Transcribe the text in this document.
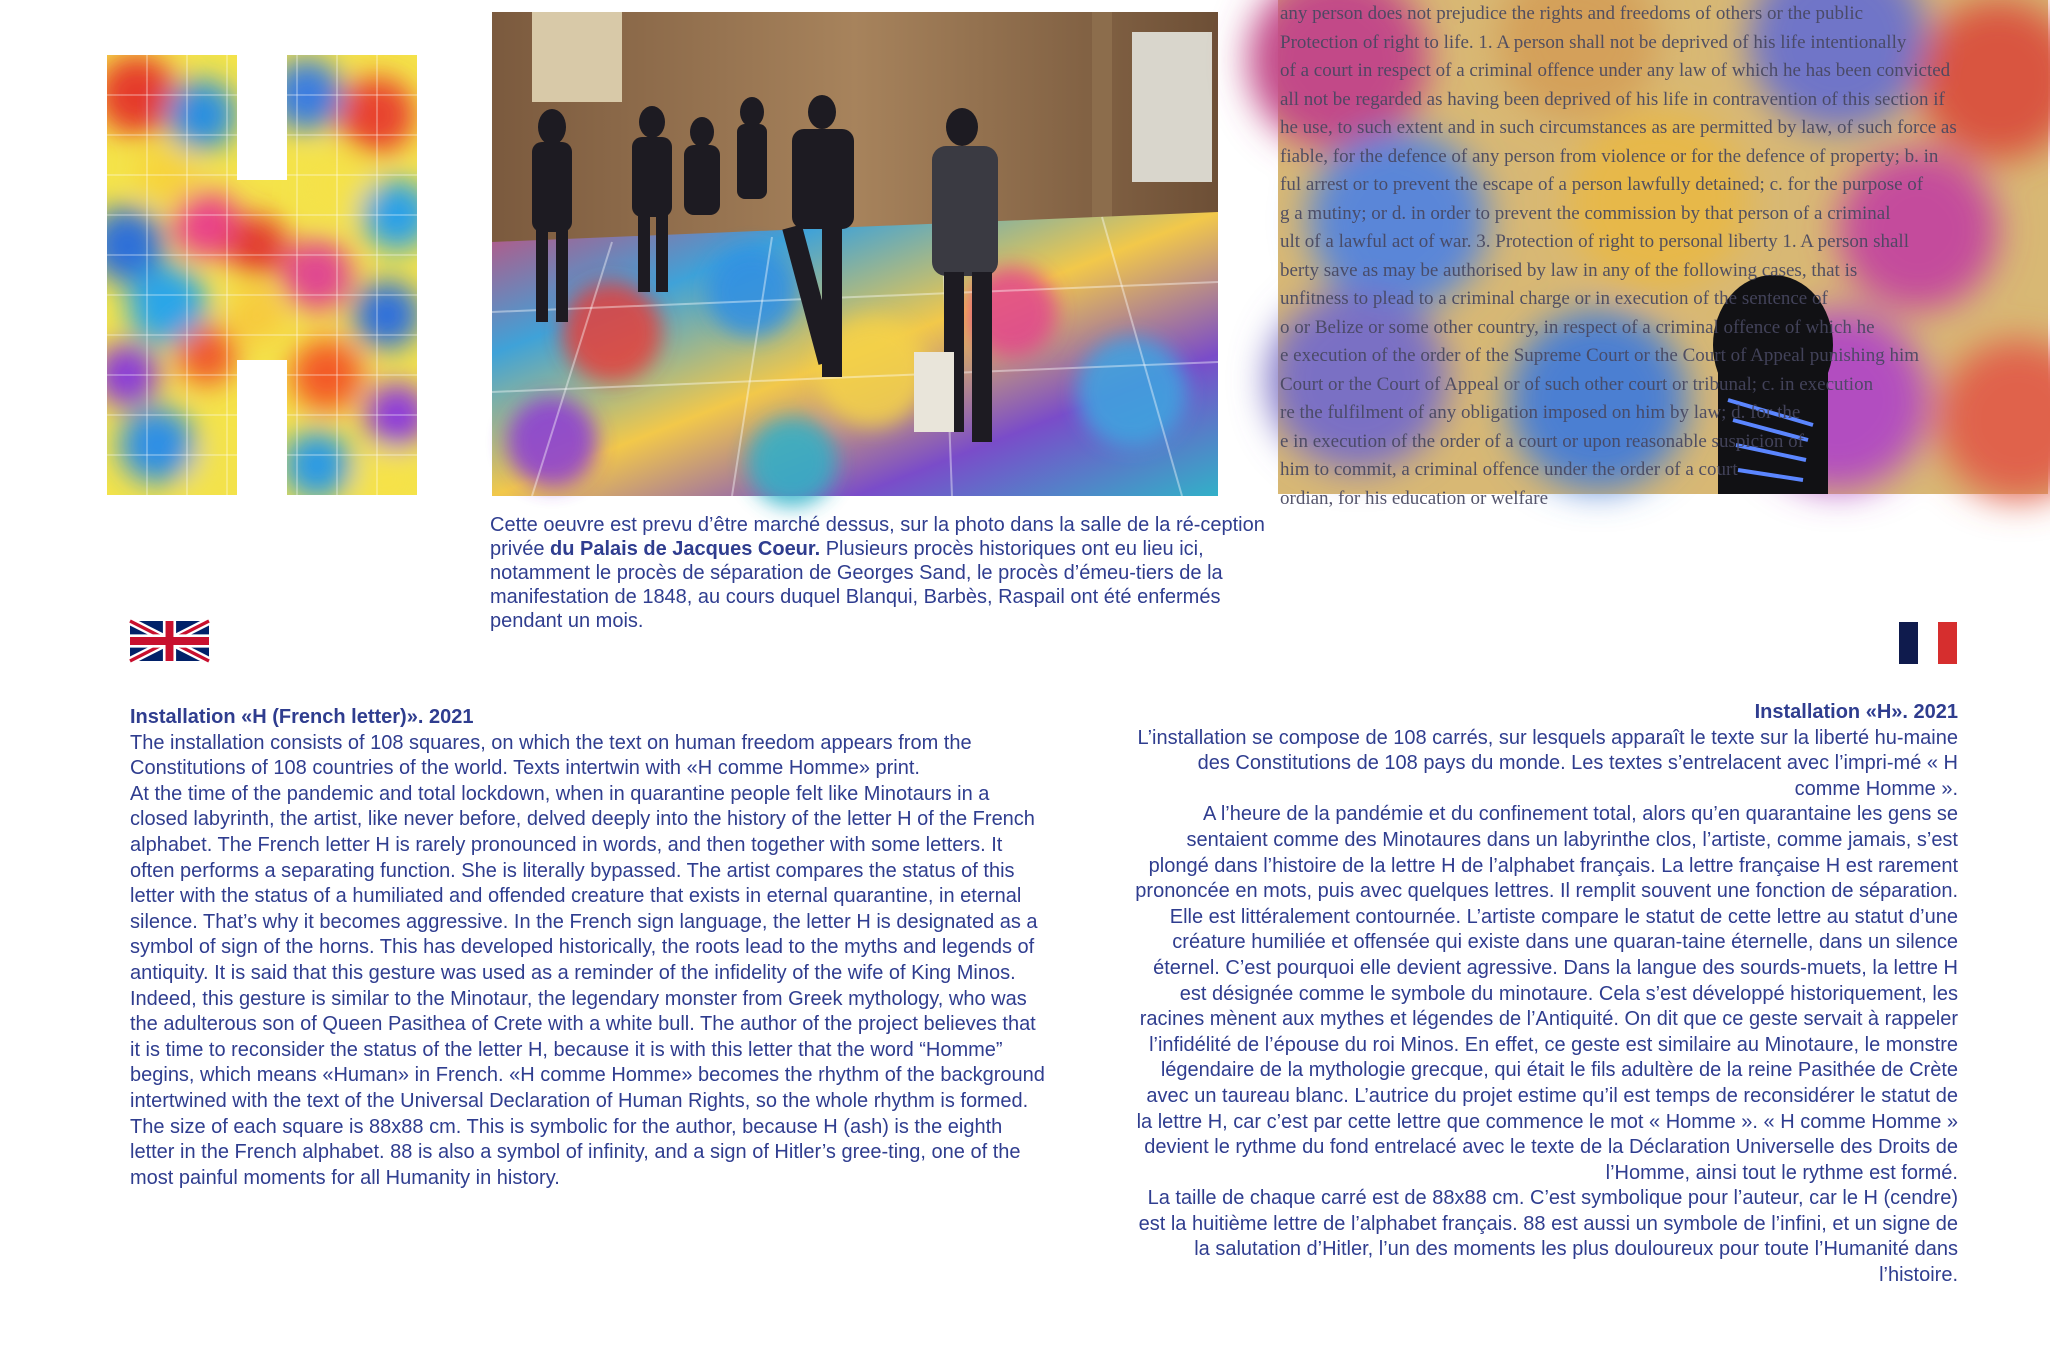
any person does not prejudice the rights and freedoms of others or the public
Protection of right to life. 1. A person shall not be deprived of his life intentionally
of a court in respect of a criminal offence under any law of which he has been convicted
all not be regarded as having been deprived of his life in contravention of this section if
he use, to such extent and in such circumstances as are permitted by law, of such force as
fiable, for the defence of any person from violence or for the defence of property; b. in
ful arrest or to prevent the escape of a person lawfully detained; c. for the purpose of
g a mutiny; or d. in order to prevent the commission by that person of a criminal
ult of a lawful act of war. 3. Protection of right to personal liberty 1. A person shall
berty save as may be authorised by law in any of the following cases, that is
unfitness to plead to a criminal charge or in execution of the sentence of
o or Belize or some other country, in respect of a criminal offence of which he
e execution of the order of the Supreme Court or the Court of Appeal punishing him
Court or the Court of Appeal or of such other court or tribunal; c. in execution
re the fulfilment of any obligation imposed on him by law; d. for the
e in execution of the order of a court or upon reasonable suspicion of
him to commit, a criminal offence under the order of a court
ordian, for his education or welfare
Cette oeuvre est prevu d’être marché dessus, sur la photo dans la salle de la ré-ception privée du Palais de Jacques Coeur. Plusieurs procès historiques ont eu lieu ici, notamment le procès de séparation de Georges Sand, le procès d’émeu-tiers de la manifestation de 1848, au cours duquel Blanqui, Barbès, Raspail ont été enfermés pendant un mois.
Installation «H (French letter)». 2021

The installation consists of 108 squares, on which the text on human freedom appears from the Constitutions of 108 countries of the world. Texts intertwin with «H comme Homme» print.

At the time of the pandemic and total lockdown, when in quarantine people felt like Minotaurs in a closed labyrinth, the artist, like never before, delved deeply into the history of the letter H of the French alphabet. The French letter H is rarely pronounced in words, and then together with some letters. It often performs a separating function. She is literally bypassed. The artist compares the status of this letter with the status of a humiliated and offended creature that exists in eternal quarantine, in eternal silence. That’s why it becomes aggressive. In the French sign language, the letter H is designated as a symbol of sign of the horns. This has developed historically, the roots lead to the myths and legends of antiquity. It is said that this gesture was used as a reminder of the infidelity of the wife of King Minos. Indeed, this gesture is similar to the Minotaur, the legendary monster from Greek mythology, who was the adulterous son of Queen Pasithea of Crete with a white bull. The author of the project believes that it is time to reconsider the status of the letter H, because it is with this letter that the word “Homme” begins, which means «Human» in French. «H comme Homme» becomes the rhythm of the background intertwined with the text of the Universal Declaration of Human Rights, so the whole rhythm is formed.

The size of each square is 88x88 cm. This is symbolic for the author, because H (ash) is the eighth letter in the French alphabet. 88 is also a symbol of infinity, and a sign of Hitler’s gree-ting, one of the most painful moments for all Humanity in history.

Installation «H». 2021

L’installation se compose de 108 carrés, sur lesquels apparaît le texte sur la liberté hu-maine des Constitutions de 108 pays du monde. Les textes s’entrelacent avec l’impri-mé « H comme Homme ».

A l’heure de la pandémie et du confinement total, alors qu’en quarantaine les gens se sentaient comme des Minotaures dans un labyrinthe clos, l’artiste, comme jamais, s’est plongé dans l’histoire de la lettre H de l’alphabet français. La lettre française H est rarement prononcée en mots, puis avec quelques lettres. Il remplit souvent une fonction de séparation. Elle est littéralement contournée. L’artiste compare le statut de cette lettre au statut d’une créature humiliée et offensée qui existe dans une quaran-taine éternelle, dans un silence éternel. C’est pourquoi elle devient agressive. Dans la langue des sourds-muets, la lettre H est désignée comme le symbole du minotaure. Cela s’est développé historiquement, les racines mènent aux mythes et légendes de l’Antiquité. On dit que ce geste servait à rappeler l’infidélité de l’épouse du roi Minos. En effet, ce geste est similaire au Minotaure, le monstre légendaire de la mythologie grecque, qui était le fils adultère de la reine Pasithée de Crète avec un taureau blanc. L’autrice du projet estime qu’il est temps de reconsidérer le statut de la lettre H, car c’est par cette lettre que commence le mot « Homme ». « H comme Homme » devient le rythme du fond entrelacé avec le texte de la Déclaration Universelle des Droits de l’Homme, ainsi tout le rythme est formé.

La taille de chaque carré est de 88x88 cm. C’est symbolique pour l’auteur, car le H (cendre) est la huitième lettre de l’alphabet français. 88 est aussi un symbole de l’infini, et un signe de la salutation d’Hitler, l’un des moments les plus douloureux pour toute l’Humanité dans l’histoire.
